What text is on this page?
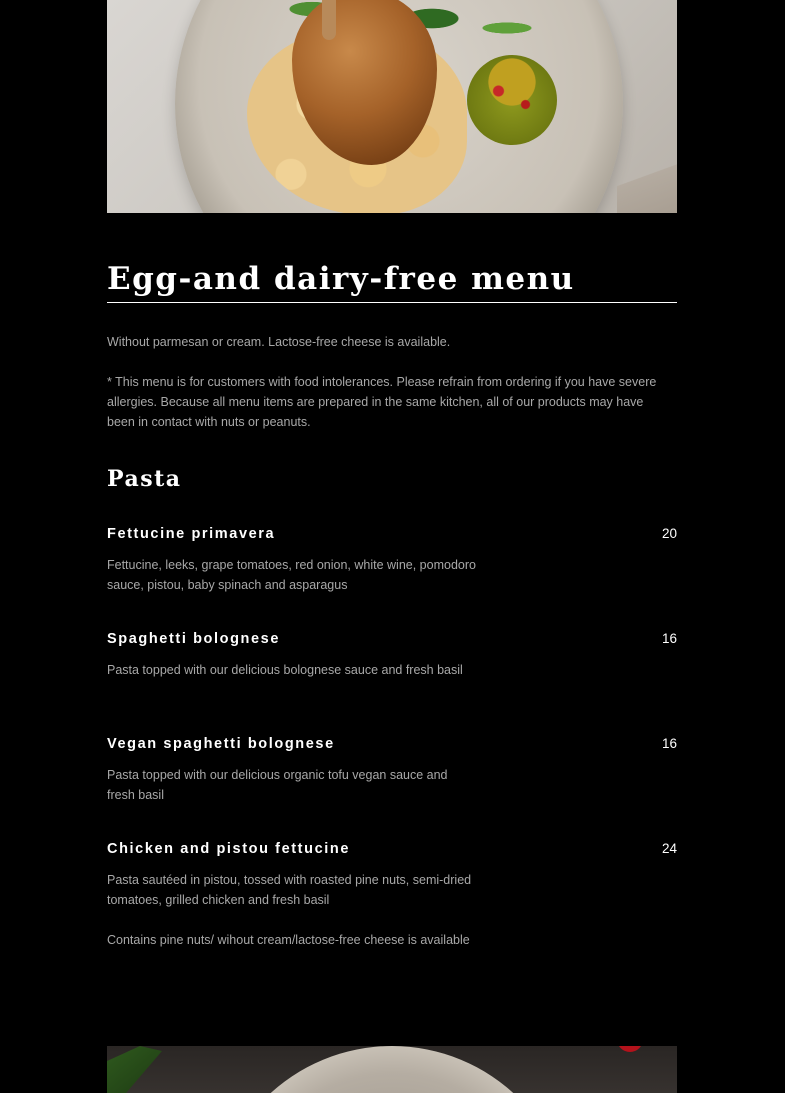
Egg-and dairy-free menu

Without parmesan or cream. Lactose-free cheese is available.

* This menu is for customers with food intolerances. Please refrain from ordering if you have severe allergies. Because all menu items are prepared in the same kitchen, all of our products may have been in contact with nuts or peanuts.

Pasta
Fettucine primavera	20

Fettucine, leeks, grape tomatoes, red onion, white wine, pomodoro sauce, pistou, baby spinach and asparagus

Spaghetti bolognese	16

Pasta topped with our delicious bolognese sauce and fresh basil

Vegan spaghetti bolognese	16

Pasta topped with our delicious organic tofu vegan sauce and fresh basil

Chicken and pistou fettucine	24

Pasta sautéed in pistou, tossed with roasted pine nuts, semi-dried tomatoes, grilled chicken and fresh basil

Contains pine nuts/ wihout cream/lactose-free cheese is available
